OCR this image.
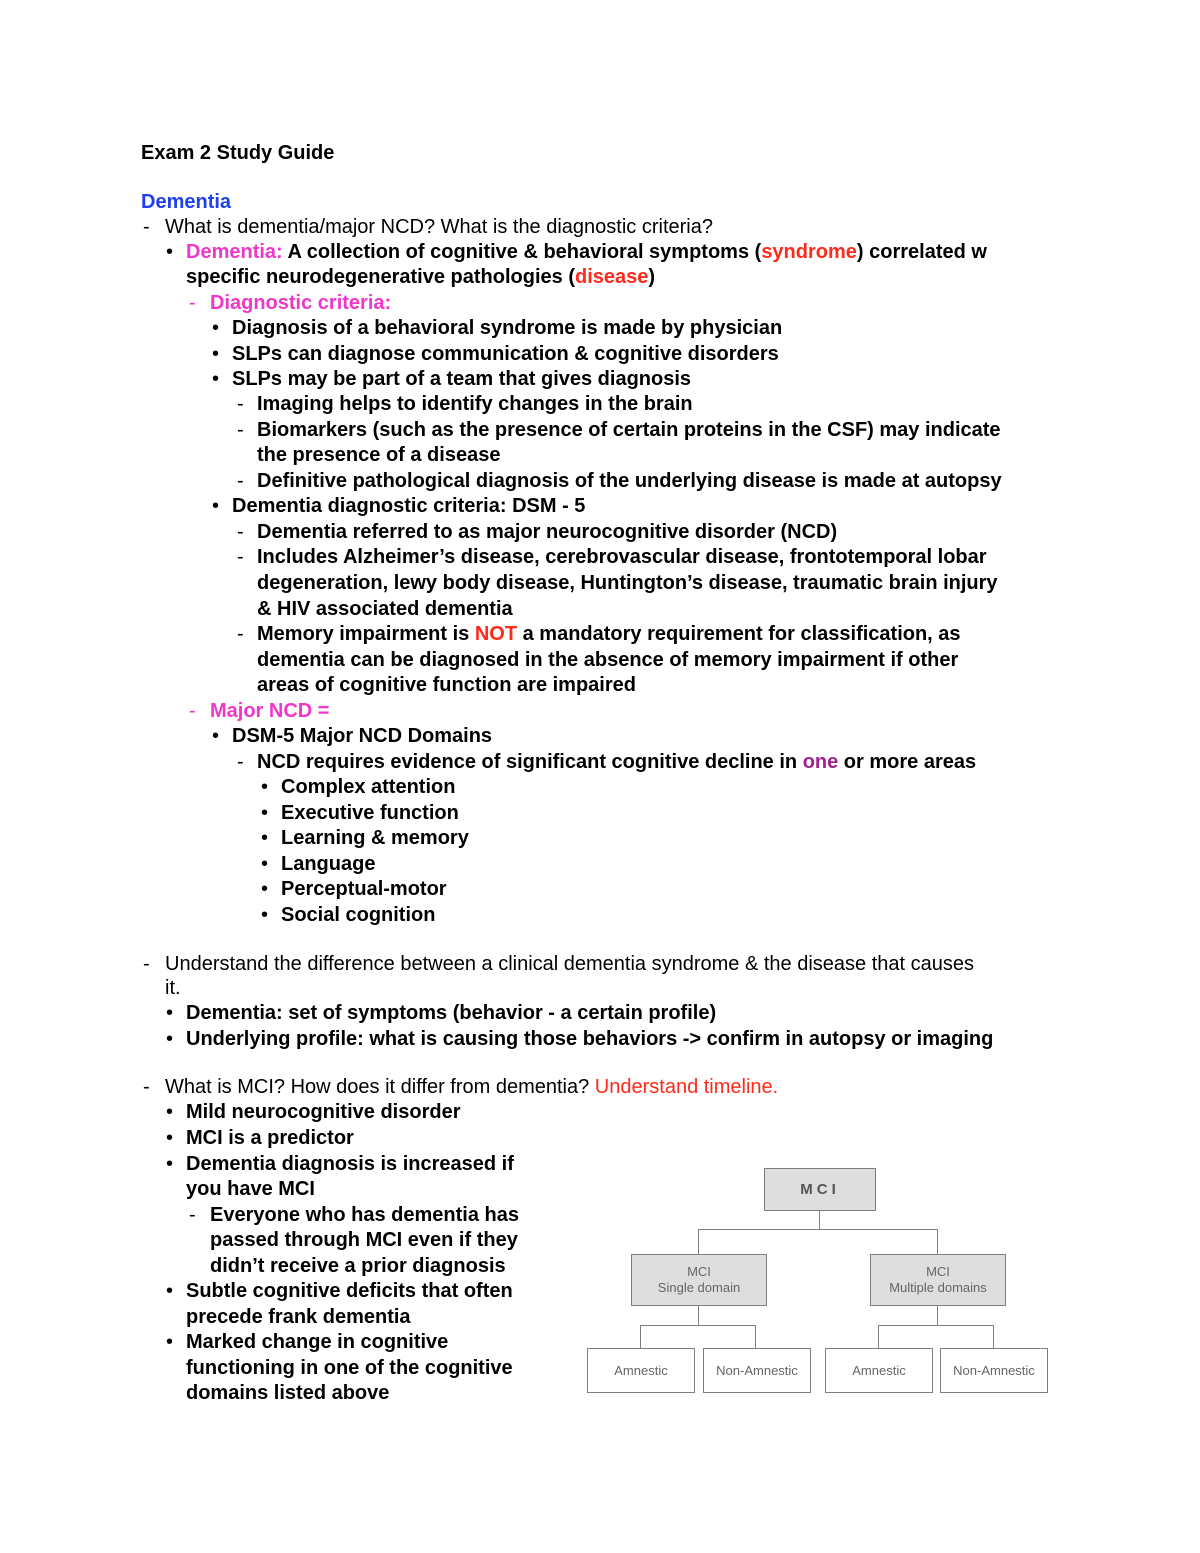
Exam 2 Study Guide
Dementia
- What is dementia/major NCD? What is the diagnostic criteria?
• Dementia: A collection of cognitive & behavioral symptoms (syndrome) correlated w
specific neurodegenerative pathologies (disease)
- Diagnostic criteria:
• Diagnosis of a behavioral syndrome is made by physician
• SLPs can diagnose communication & cognitive disorders
• SLPs may be part of a team that gives diagnosis
- Imaging helps to identify changes in the brain
- Biomarkers (such as the presence of certain proteins in the CSF) may indicate
the presence of a disease
- Definitive pathological diagnosis of the underlying disease is made at autopsy
• Dementia diagnostic criteria: DSM - 5
- Dementia referred to as major neurocognitive disorder (NCD)
- Includes Alzheimer’s disease, cerebrovascular disease, frontotemporal lobar
degeneration, lewy body disease, Huntington’s disease, traumatic brain injury
& HIV associated dementia
- Memory impairment is NOT a mandatory requirement for classification, as
dementia can be diagnosed in the absence of memory impairment if other
areas of cognitive function are impaired
- Major NCD =
• DSM-5 Major NCD Domains
- NCD requires evidence of significant cognitive decline in one or more areas
• Complex attention
• Executive function
• Learning & memory
• Language
• Perceptual-motor
• Social cognition
- Understand the difference between a clinical dementia syndrome & the disease that causes
it.
• Dementia: set of symptoms (behavior - a certain profile)
• Underlying profile: what is causing those behaviors -> confirm in autopsy or imaging
- What is MCI? How does it differ from dementia? Understand timeline.
• Mild neurocognitive disorder
• MCI is a predictor
• Dementia diagnosis is increased if
you have MCI
- Everyone who has dementia has
passed through MCI even if they
didn’t receive a prior diagnosis
• Subtle cognitive deficits that often
precede frank dementia
• Marked change in cognitive
functioning in one of the cognitive
domains listed above
MCI
MCI
Single domain
MCI
Multiple domains
Amnestic	Non-Amnestic	Amnestic	Non-Amnestic
